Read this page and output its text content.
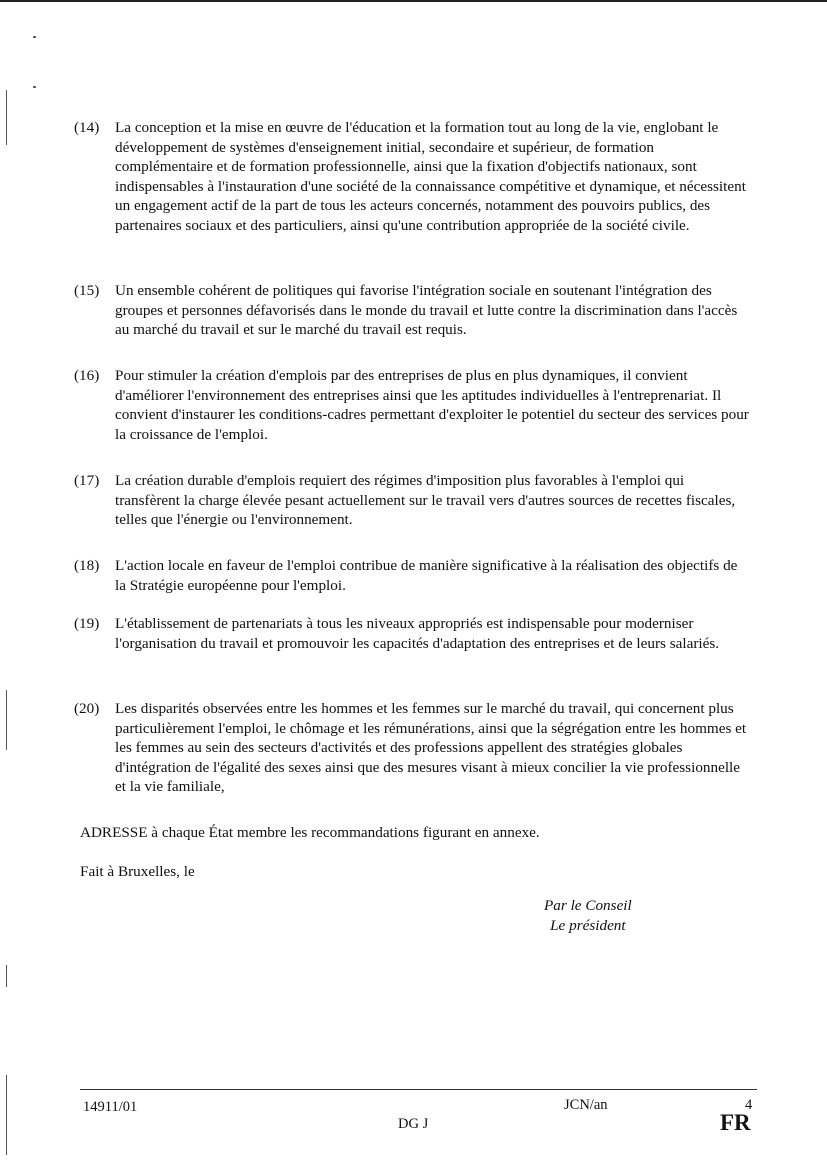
(14) La conception et la mise en œuvre de l'éducation et la formation tout au long de la vie, englobant le développement de systèmes d'enseignement initial, secondaire et supérieur, de formation complémentaire et de formation professionnelle, ainsi que la fixation d'objectifs nationaux, sont indispensables à l'instauration d'une société de la connaissance compétitive et dynamique, et nécessitent un engagement actif de la part de tous les acteurs concernés, notamment des pouvoirs publics, des partenaires sociaux et des particuliers, ainsi qu'une contribution appropriée de la société civile.
(15) Un ensemble cohérent de politiques qui favorise l'intégration sociale en soutenant l'intégration des groupes et personnes défavorisés dans le monde du travail et lutte contre la discrimination dans l'accès au marché du travail et sur le marché du travail est requis.
(16) Pour stimuler la création d'emplois par des entreprises de plus en plus dynamiques, il convient d'améliorer l'environnement des entreprises ainsi que les aptitudes individuelles à l'entreprenariat. Il convient d'instaurer les conditions-cadres permettant d'exploiter le potentiel du secteur des services pour la croissance de l'emploi.
(17) La création durable d'emplois requiert des régimes d'imposition plus favorables à l'emploi qui transfèrent la charge élevée pesant actuellement sur le travail vers d'autres sources de recettes fiscales, telles que l'énergie ou l'environnement.
(18) L'action locale en faveur de l'emploi contribue de manière significative à la réalisation des objectifs de la Stratégie européenne pour l'emploi.
(19) L'établissement de partenariats à tous les niveaux appropriés est indispensable pour moderniser l'organisation du travail et promouvoir les capacités d'adaptation des entreprises et de leurs salariés.
(20) Les disparités observées entre les hommes et les femmes sur le marché du travail, qui concernent plus particulièrement l'emploi, le chômage et les rémunérations, ainsi que la ségrégation entre les hommes et les femmes au sein des secteurs d'activités et des professions appellent des stratégies globales d'intégration de l'égalité des sexes ainsi que des mesures visant à mieux concilier la vie professionnelle et la vie familiale,

ADRESSE à chaque État membre les recommandations figurant en annexe.

Fait à Bruxelles, le

Par le Conseil
Le président
14911/01	JCN/an	4
DG J	FR
